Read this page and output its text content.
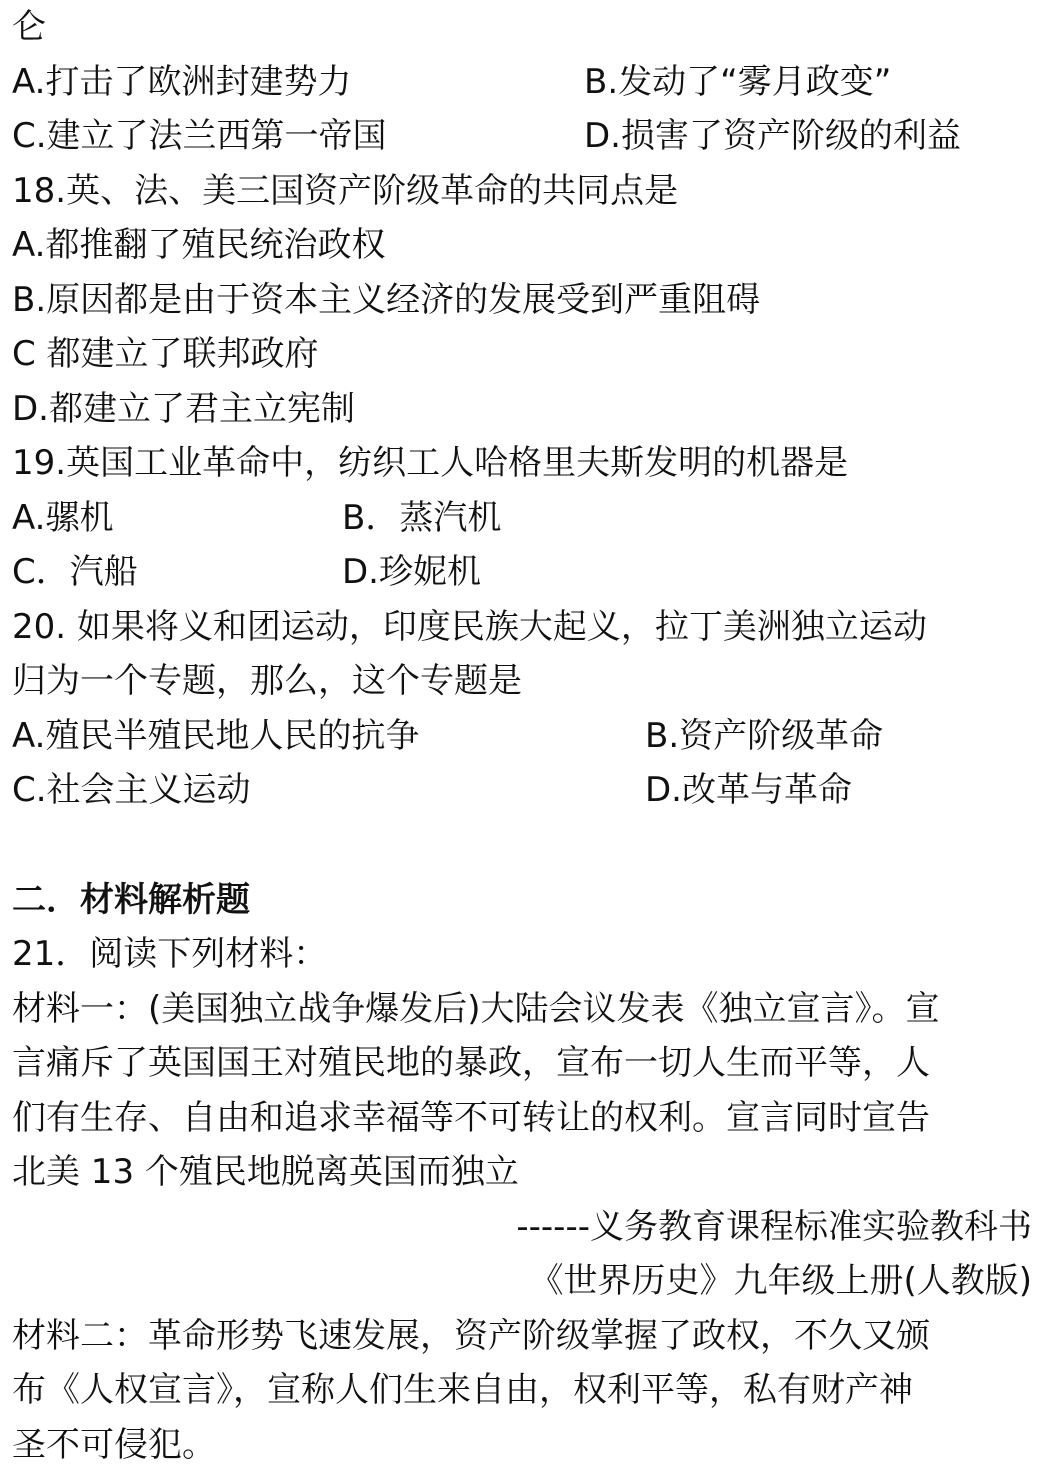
仑
A.打击了欧洲封建势力	B.发动了“雾月政变”
C.建立了法兰西第一帝国	D.损害了资产阶级的利益
18.英、法、美三国资产阶级革命的共同点是
A.都推翻了殖民统治政权
B.原因都是由于资本主义经济的发展受到严重阻碍
C 都建立了联邦政府
D.都建立了君主立宪制
19.英国工业革命中，纺织工人哈格里夫斯发明的机器是
A.骡机	B．蒸汽机
C．汽船	D.珍妮机
20. 如果将义和团运动，印度民族大起义，拉丁美洲独立运动
归为一个专题，那么，这个专题是
A.殖民半殖民地人民的抗争	B.资产阶级革命
C.社会主义运动	D.改革与革命
二．材料解析题
21．阅读下列材料：
材料一：(美国独立战争爆发后)大陆会议发表《独立宣言》。宣
言痛斥了英国国王对殖民地的暴政，宣布一切人生而平等，人
们有生存、自由和追求幸福等不可转让的权利。宣言同时宣告
北美 13 个殖民地脱离英国而独立
------义务教育课程标准实验教科书
《世界历史》九年级上册(人教版)
材料二：革命形势飞速发展，资产阶级掌握了政权，不久又颁
布《人权宣言》，宣称人们生来自由，权利平等，私有财产神
圣不可侵犯。
